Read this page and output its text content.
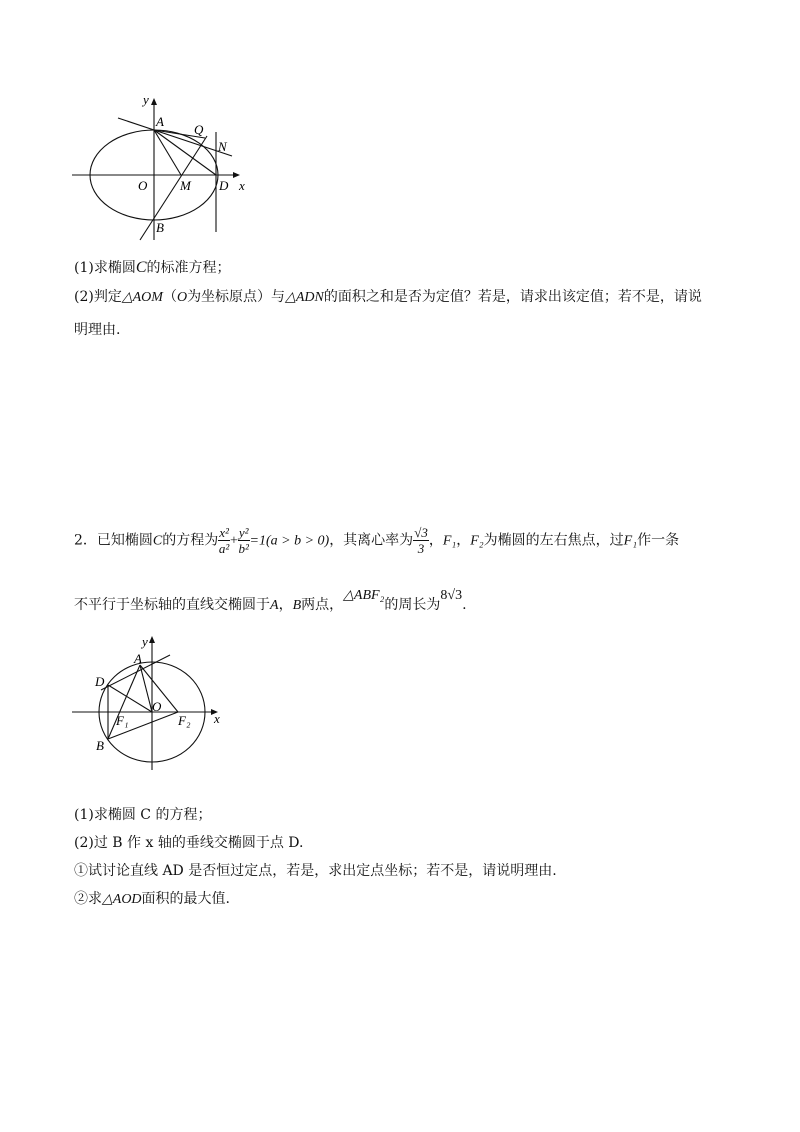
y
A
Q
N
O	M D x
B
(1)求椭圆C的标准方程；
(2)判定△AOM（O为坐标原点）与△ADN的面积之和是否为定值？若是，请求出该定值；若不是，请说
明理由.
2．已知椭圆C的方程为 $\frac{\text{x²}}{\text{a²}} + \frac{\text{y²}}{\text{b²}} =1(a > b > 0)$，其离心率为 $\frac{√3}{3}$ ，F₁，F₂为椭圆的左右焦点，过F₁作一条
不平行于坐标轴的直线交椭圆于A，B两点，△ABF₂的周长为8√3.
y
A
D
O
F₁	F₂ x
B
(1)求椭圆 C 的方程；
(2)过 B 作 x 轴的垂线交椭圆于点 D.
①试讨论直线 AD 是否恒过定点，若是，求出定点坐标；若不是，请说明理由.
②求△AOD面积的最大值.
